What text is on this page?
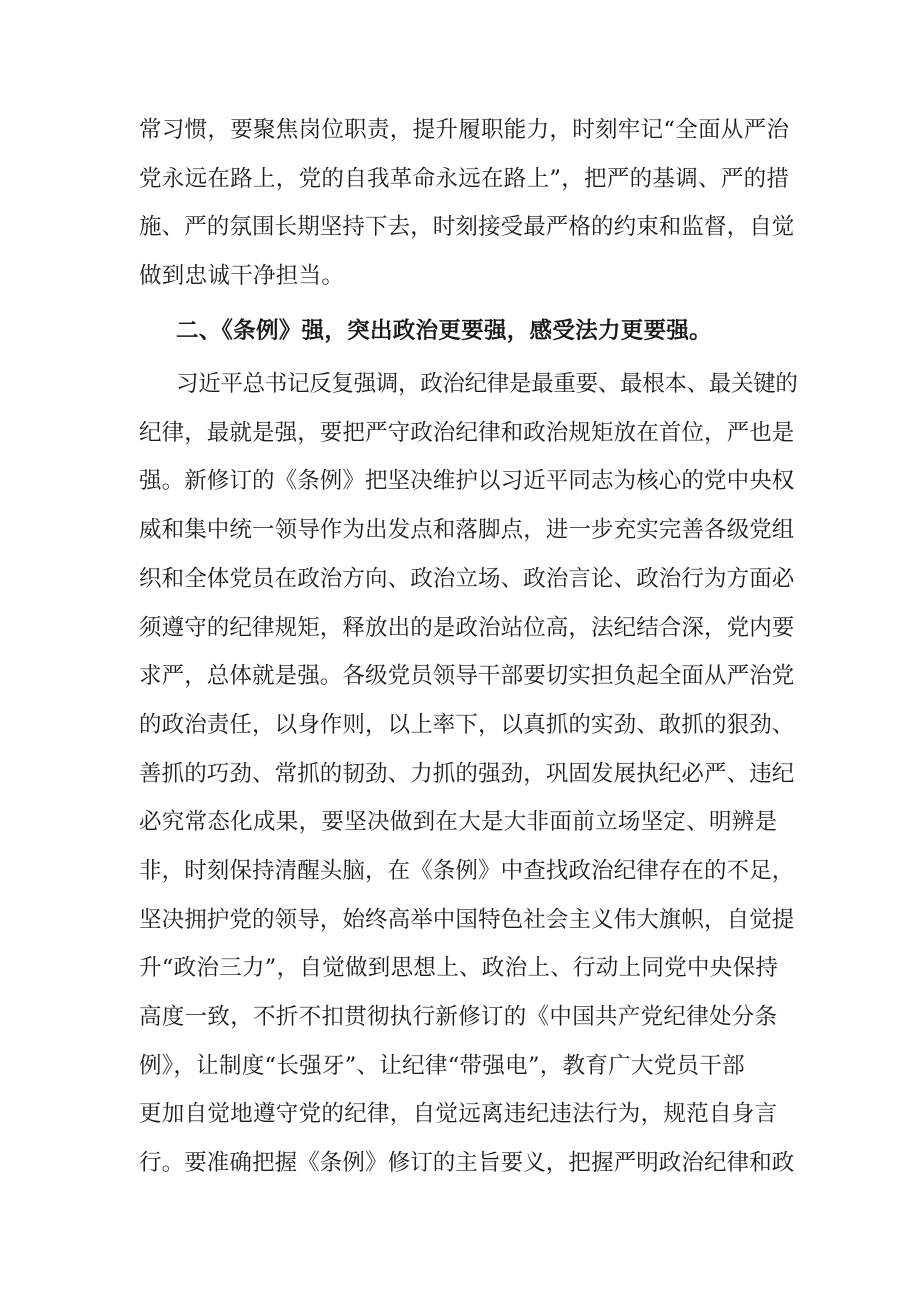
常习惯，要聚焦岗位职责，提升履职能力，时刻牢记“全面从严治
党永远在路上，党的自我革命永远在路上”，把严的基调、严的措
施、严的氛围长期坚持下去，时刻接受最严格的约束和监督，自觉
做到忠诚干净担当。
二、《条例》强，突出政治更要强，感受法力更要强。
习近平总书记反复强调，政治纪律是最重要、最根本、最关键的
纪律，最就是强，要把严守政治纪律和政治规矩放在首位，严也是
强。新修订的《条例》把坚决维护以习近平同志为核心的党中央权
威和集中统一领导作为出发点和落脚点，进一步充实完善各级党组
织和全体党员在政治方向、政治立场、政治言论、政治行为方面必
须遵守的纪律规矩，释放出的是政治站位高，法纪结合深，党内要
求严，总体就是强。各级党员领导干部要切实担负起全面从严治党
的政治责任，以身作则，以上率下，以真抓的实劲、敢抓的狠劲、
善抓的巧劲、常抓的韧劲、力抓的强劲，巩固发展执纪必严、违纪
必究常态化成果，要坚决做到在大是大非面前立场坚定、明辨是
非，时刻保持清醒头脑，在《条例》中查找政治纪律存在的不足，
坚决拥护党的领导，始终高举中国特色社会主义伟大旗帜，自觉提
升“政治三力”，自觉做到思想上、政治上、行动上同党中央保持
高度一致，不折不扣贯彻执行新修订的《中国共产党纪律处分条
例》，让制度“长强牙”、让纪律“带强电”，教育广大党员干部
更加自觉地遵守党的纪律，自觉远离违纪违法行为，规范自身言
行。要准确把握《条例》修订的主旨要义，把握严明政治纪律和政
